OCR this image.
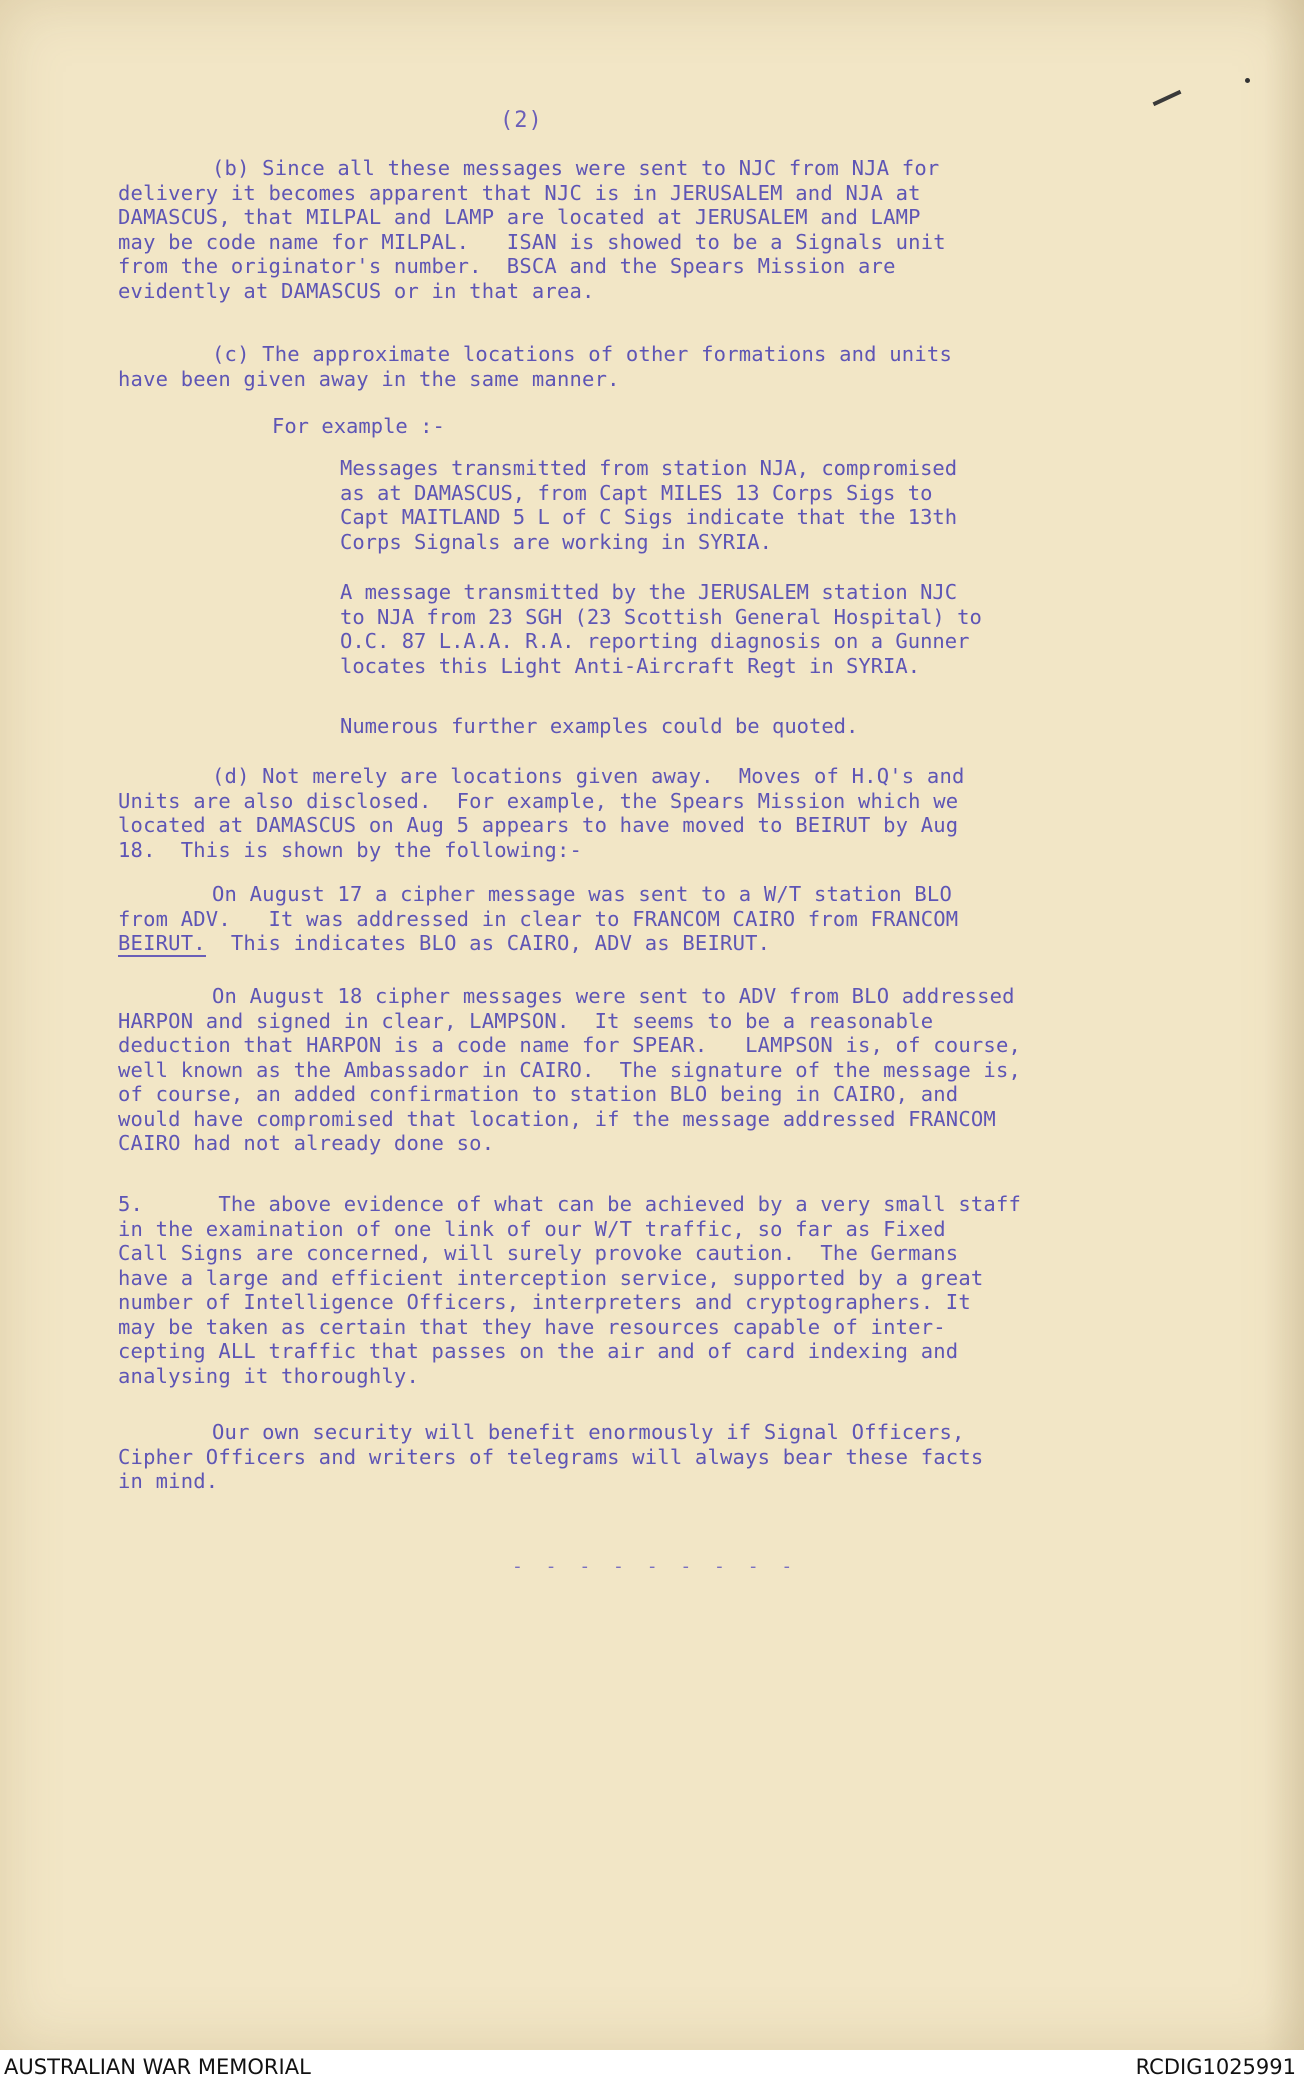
(2)
(b) Since all these messages were sent to NJC from NJA for
delivery it becomes apparent that NJC is in JERUSALEM and NJA at
DAMASCUS, that MILPAL and LAMP are located at JERUSALEM and LAMP
may be code name for MILPAL.   ISAN is showed to be a Signals unit
from the originator's number.  BSCA and the Spears Mission are
evidently at DAMASCUS or in that area.
(c) The approximate locations of other formations and units
have been given away in the same manner.
For example :-
Messages transmitted from station NJA, compromised
as at DAMASCUS, from Capt MILES 13 Corps Sigs to
Capt MAITLAND 5 L of C Sigs indicate that the 13th
Corps Signals are working in SYRIA.
A message transmitted by the JERUSALEM station NJC
to NJA from 23 SGH (23 Scottish General Hospital) to
O.C. 87 L.A.A. R.A. reporting diagnosis on a Gunner
locates this Light Anti-Aircraft Regt in SYRIA.
Numerous further examples could be quoted.
(d) Not merely are locations given away.  Moves of H.Q's and
Units are also disclosed.  For example, the Spears Mission which we
located at DAMASCUS on Aug 5 appears to have moved to BEIRUT by Aug
18.  This is shown by the following:-
On August 17 a cipher message was sent to a W/T station BLO
from ADV.   It was addressed in clear to FRANCOM CAIRO from FRANCOM
BEIRUT.  This indicates BLO as CAIRO, ADV as BEIRUT.
On August 18 cipher messages were sent to ADV from BLO addressed
HARPON and signed in clear, LAMPSON.  It seems to be a reasonable
deduction that HARPON is a code name for SPEAR.   LAMPSON is, of course,
well known as the Ambassador in CAIRO.  The signature of the message is,
of course, an added confirmation to station BLO being in CAIRO, and
would have compromised that location, if the message addressed FRANCOM
CAIRO had not already done so.
5.      The above evidence of what can be achieved by a very small staff
in the examination of one link of our W/T traffic, so far as Fixed
Call Signs are concerned, will surely provoke caution.  The Germans
have a large and efficient interception service, supported by a great
number of Intelligence Officers, interpreters and cryptographers. It
may be taken as certain that they have resources capable of inter-
cepting ALL traffic that passes on the air and of card indexing and
analysing it thoroughly.
Our own security will benefit enormously if Signal Officers,
Cipher Officers and writers of telegrams will always bear these facts
in mind.
- - - - - - - - -
AUSTRALIAN WAR MEMORIAL	RCDIG1025991
